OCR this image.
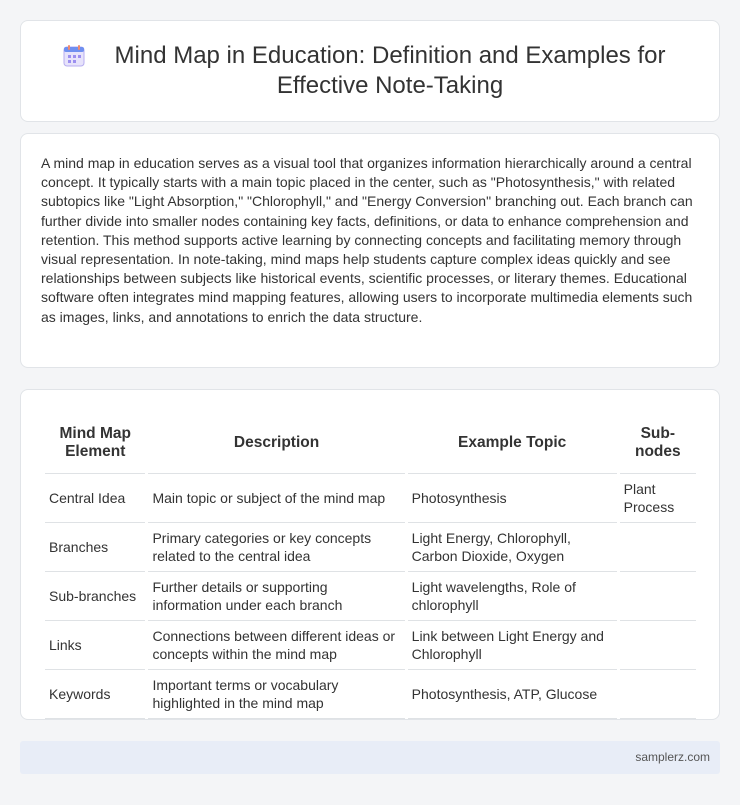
Mind Map in Education: Definition and Examples for Effective Note-Taking

A mind map in education serves as a visual tool that organizes information hierarchically around a central concept. It typically starts with a main topic placed in the center, such as "Photosynthesis," with related subtopics like "Light Absorption," "Chlorophyll," and "Energy Conversion" branching out. Each branch can further divide into smaller nodes containing key facts, definitions, or data to enhance comprehension and retention. This method supports active learning by connecting concepts and facilitating memory through visual representation. In note-taking, mind maps help students capture complex ideas quickly and see relationships between subjects like historical events, scientific processes, or literary themes. Educational software often integrates mind mapping features, allowing users to incorporate multimedia elements such as images, links, and annotations to enrich the data structure.

Mind Map Element	Description	Example Topic	Sub-nodes
Central Idea	Main topic or subject of the mind map	Photosynthesis	Plant Process
Branches	Primary categories or key concepts related to the central idea	Light Energy, Chlorophyll, Carbon Dioxide, Oxygen	
Sub-branches	Further details or supporting information under each branch	Light wavelengths, Role of chlorophyll	
Links	Connections between different ideas or concepts within the mind map	Link between Light Energy and Chlorophyll	
Keywords	Important terms or vocabulary highlighted in the mind map	Photosynthesis, ATP, Glucose	
samplerz.com
